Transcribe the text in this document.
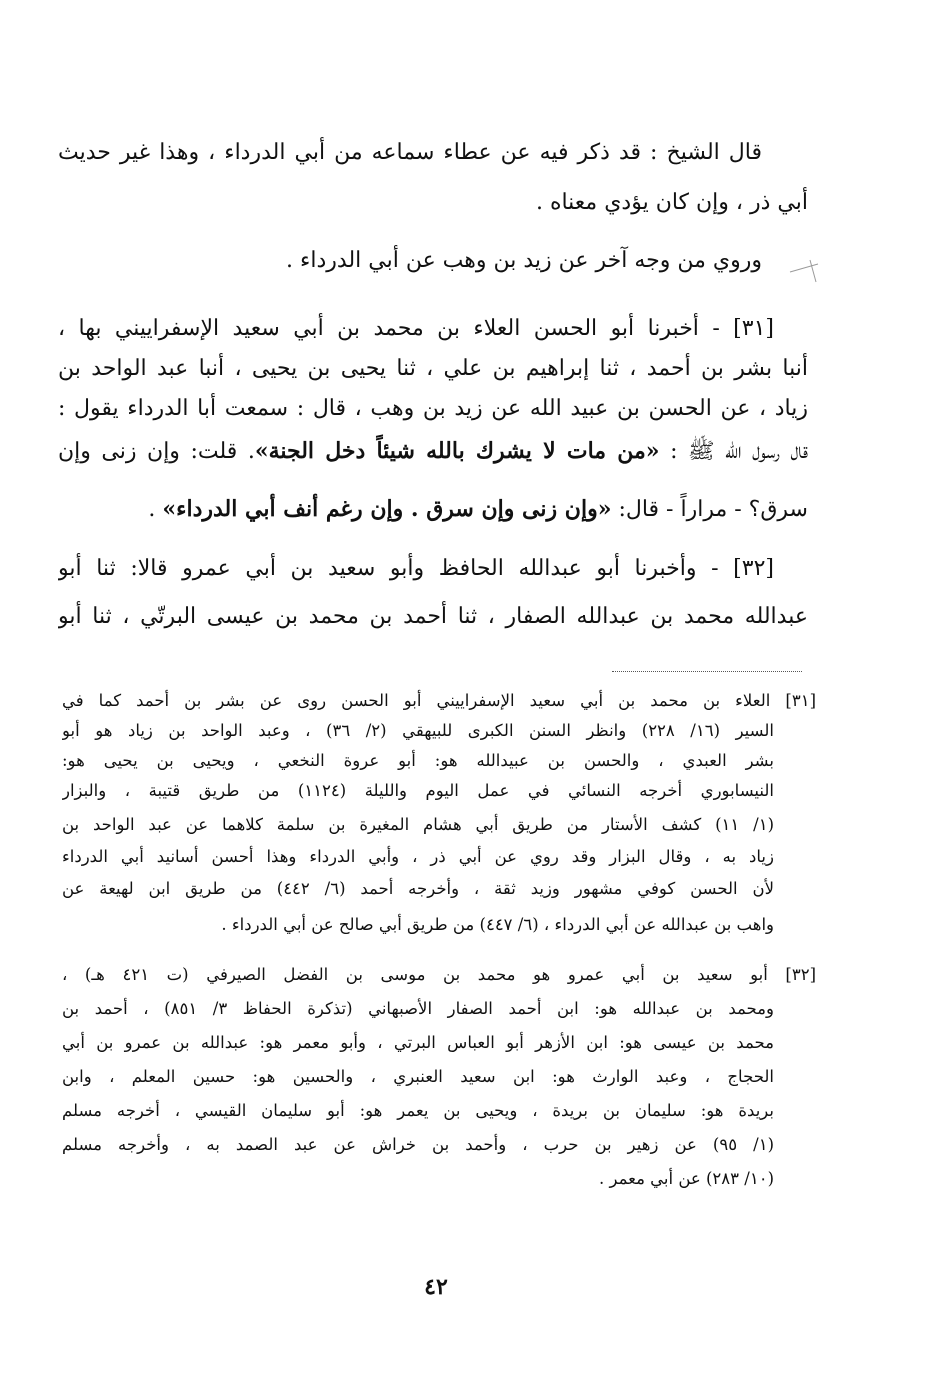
قال الشيخ : قد ذكر فيه عن عطاء سماعه من أبي الدرداء ، وهذا غير حديث
أبي ذر ، وإن كان يؤدي معناه .
وروي من وجه آخر عن زيد بن وهب عن أبي الدرداء .
[٣١] - أخبرنا أبو الحسن العلاء بن محمد بن أبي سعيد الإسفراييني بها ،
أنبا بشر بن أحمد ، ثنا إبراهيم بن علي ، ثنا يحيى بن يحيى ، أنبا عبد الواحد بن
زياد ، عن الحسن بن عبيد الله عن زيد بن وهب ، قال : سمعت أبا الدرداء يقول :
قال رسول الله ﷺ : «من مات لا يشرك بالله شيئاً دخل الجنة». قلت: وإن زنى وإن
سرق؟ - مراراً - قال: «وإن زنى وإن سرق . وإن رغم أنف أبي الدرداء» .
[٣٢] - وأخبرنا أبو عبدالله الحافظ وأبو سعيد بن أبي عمرو قالا: ثنا أبو
عبدالله محمد بن عبدالله الصفار ، ثنا أحمد بن محمد بن عيسى البرتّي ، ثنا أبو
[٣١] العلاء بن محمد بن أبي سعيد الإسفراييني أبو الحسن روى عن بشر بن أحمد كما في
السير (١٦/ ٢٢٨) وانظر السنن الكبرى للبيهقي (٢/ ٣٦) ، وعبد الواحد بن زياد هو أبو
بشر العبدي ، والحسن بن عبيدالله هو: أبو عروة النخعي ، ويحيى بن يحيى هو:
النيسابوري أخرجه النسائي في عمل اليوم والليلة (١١٢٤) من طريق قتيبة ، والبزار
(١/ ١١) كشف الأستار من طريق أبي هشام المغيرة بن سلمة كلاهما عن عبد الواحد بن
زياد به ، وقال البزار وقد روي عن أبي ذر ، وأبي الدرداء وهذا أحسن أسانيد أبي الدرداء
لأن الحسن كوفي مشهور وزيد ثقة ، وأخرجه أحمد (٦/ ٤٤٢) من طريق ابن لهيعة عن
واهب بن عبدالله عن أبي الدرداء ، (٦/ ٤٤٧) من طريق أبي صالح عن أبي الدرداء .
[٣٢] أبو سعيد بن أبي عمرو هو محمد بن موسى بن الفضل الصيرفي (ت ٤٢١ هـ) ،
ومحمد بن عبدالله هو: ابن أحمد الصفار الأصبهاني (تذكرة الحفاظ ٣/ ٨٥١) ، أحمد بن
محمد بن عيسى هو: ابن الأزهر أبو العباس البرتي ، وأبو معمر هو: عبدالله بن عمرو بن أبي
الحجاج ، وعبد الوارث هو: ابن سعيد العنبري ، والحسين هو: حسين المعلم ، وابن
بريدة هو: سليمان بن بريدة ، ويحيى بن يعمر هو: أبو سليمان القيسي ، أخرجه مسلم
(١/ ٩٥) عن زهير بن حرب ، وأحمد بن خراش عن عبد الصمد به ، وأخرجه مسلم
(١٠/ ٢٨٣) عن أبي معمر .
٤٢
